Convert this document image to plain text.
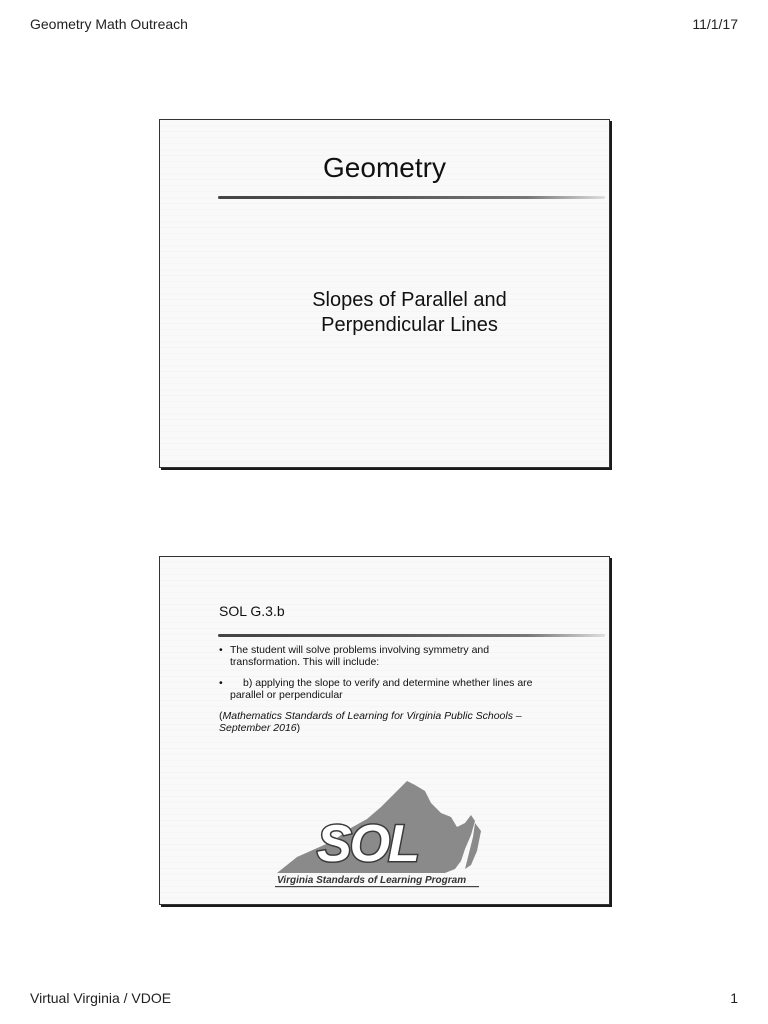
Geometry Math Outreach	11/1/17
Geometry
Slopes of Parallel and
Perpendicular Lines
SOL G.3.b
• The student will solve problems involving symmetry and transformation. This will include:
•	b) applying the slope to verify and determine whether lines are parallel or perpendicular
(Mathematics Standards of Learning for Virginia Public Schools – September 2016)
SOL
Virginia Standards of Learning Program
Virtual Virginia / VDOE	1
